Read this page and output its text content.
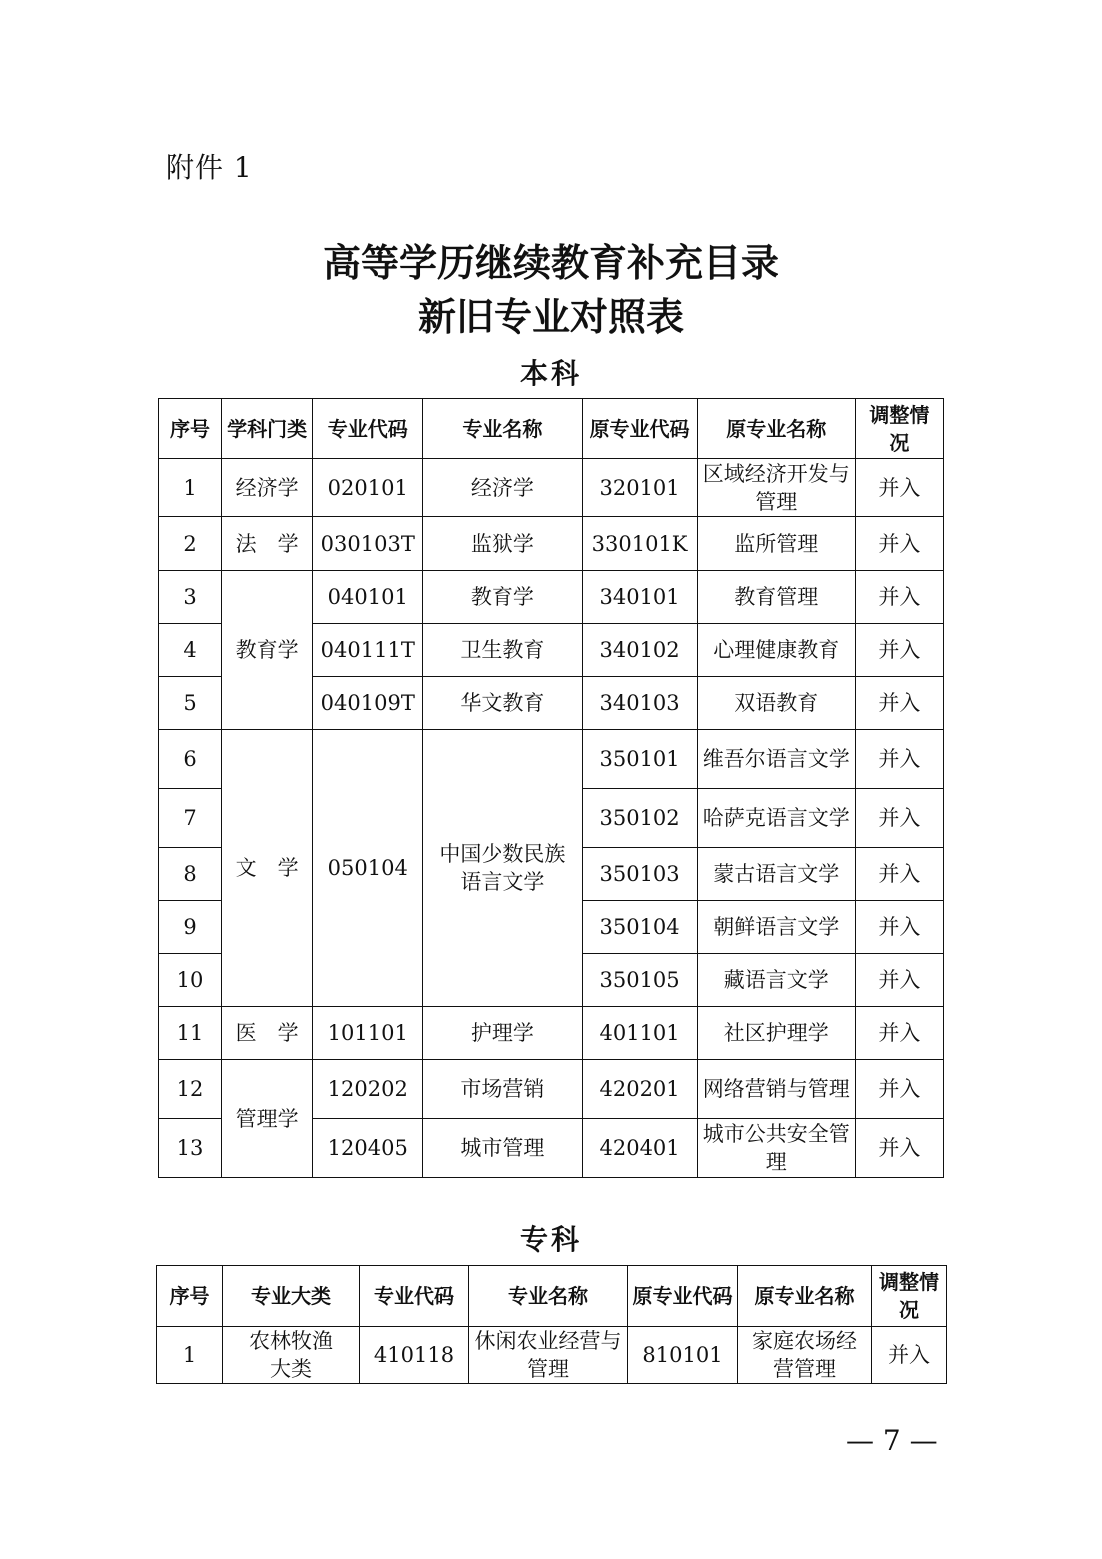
附件 1
高等学历继续教育补充目录
新旧专业对照表
本科
序号	学科门类	专业代码	专业名称	原专业代码	原专业名称	调整情况
1	经济学	020101	经济学	320101	区域经济开发与管理	并入
2	法　学	030103T	监狱学	330101K	监所管理	并入
3	教育学	040101	教育学	340101	教育管理	并入
4		040111T	卫生教育	340102	心理健康教育	并入
5		040109T	华文教育	340103	双语教育	并入
6	文　学	050104	中国少数民族语言文学	350101	维吾尔语言文学	并入
7				350102	哈萨克语言文学	并入
8				350103	蒙古语言文学	并入
9				350104	朝鲜语言文学	并入
10				350105	藏语言文学	并入
11	医　学	101101	护理学	401101	社区护理学	并入
12	管理学	120202	市场营销	420201	网络营销与管理	并入
13		120405	城市管理	420401	城市公共安全管理	并入
专科
序号	专业大类	专业代码	专业名称	原专业代码	原专业名称	调整情况
1	农林牧渔大类	410118	休闲农业经营与管理	810101	家庭农场经营管理	并入
— 7 —
